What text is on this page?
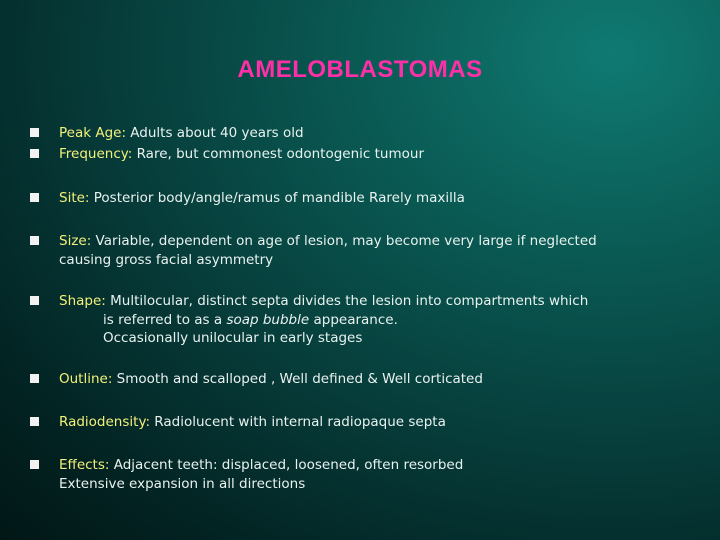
AMELOBLASTOMAS
Peak Age: Adults about 40 years old
Frequency: Rare, but commonest odontogenic tumour
Site: Posterior body/angle/ramus of mandible Rarely maxilla
Size: Variable, dependent on age of lesion, may become very large if neglected
causing gross facial asymmetry
Shape: Multilocular, distinct septa divides the lesion into compartments which

is referred to as a soap bubble appearance.
Occasionally unilocular in early stages
Outline: Smooth and scalloped , Well defined & Well corticated
Radiodensity: Radiolucent with internal radiopaque septa
Effects: Adjacent teeth: displaced, loosened, often resorbed
Extensive expansion in all directions
